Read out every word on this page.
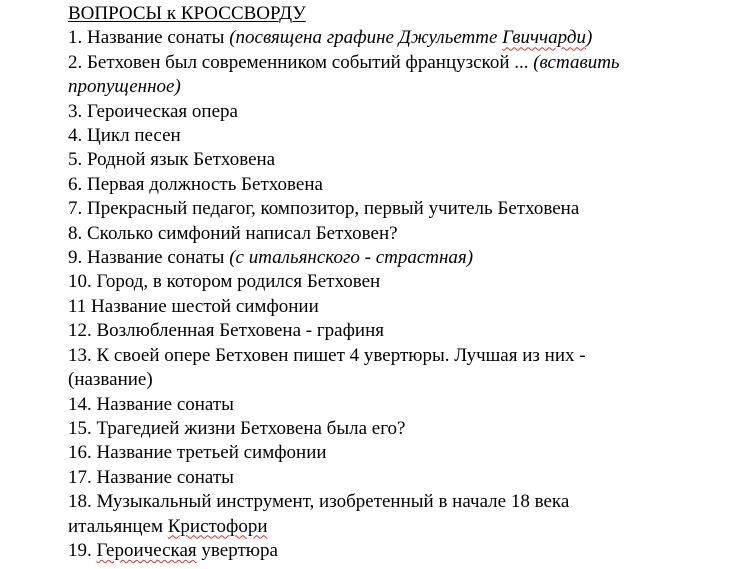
ВОПРОСЫ к КРОССВОРДУ

1. Название сонаты (посвящена графине Джульетте Гвиччарди)

2. Бетховен был современником событий французской ... (вставить
пропущенное)

3. Героическая опера

4. Цикл песен

5. Родной язык Бетховена

6. Первая должность Бетховена

7. Прекрасный педагог, композитор, первый учитель Бетховена

8. Сколько симфоний написал Бетховен?

9. Название сонаты (с итальянского - страстная)

10. Город, в котором родился Бетховен

11 Название шестой симфонии

12. Возлюбленная Бетховена - графиня

13. К своей опере Бетховен пишет 4 увертюры. Лучшая из них -
(название)

14. Название сонаты

15. Трагедией жизни Бетховена была его?

16. Название третьей симфонии

17. Название сонаты

18. Музыкальный инструмент, изобретенный в начале 18 века
итальянцем Кристофори

19. Героическая увертюра
